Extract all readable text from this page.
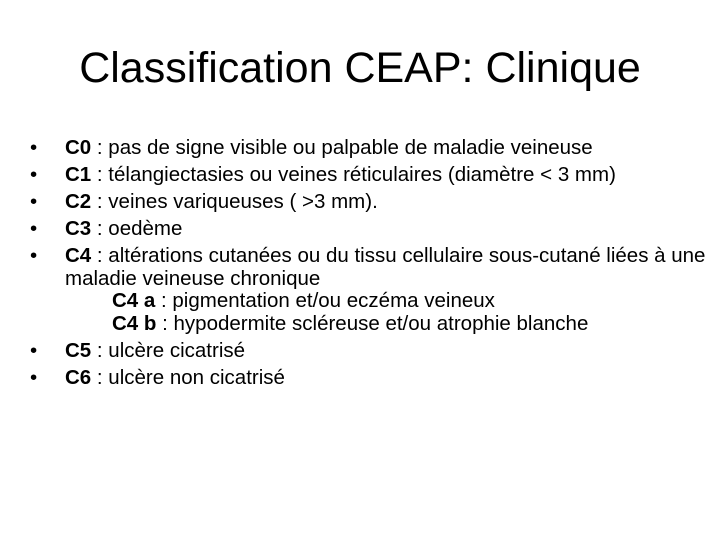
Classification CEAP: Clinique
•	C0 : pas de signe visible ou palpable de maladie veineuse
•	C1 : télangiectasies ou veines réticulaires (diamètre < 3 mm)
•	C2 : veines variqueuses ( >3 mm).
•	C3 : oedème
•	C4 : altérations cutanées ou du tissu cellulaire sous-cutané liées à une maladie veineuse chronique
C4 a : pigmentation et/ou eczéma veineux
C4 b : hypodermite scléreuse et/ou atrophie blanche
•	C5 : ulcère cicatrisé
•	C6 : ulcère non cicatrisé
